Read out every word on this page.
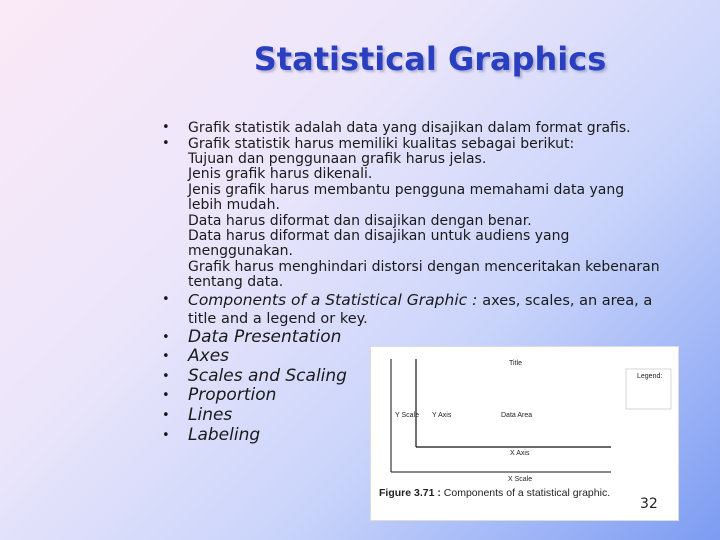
Statistical Graphics
• Grafik statistik adalah data yang disajikan dalam format grafis.
• Grafik statistik harus memiliki kualitas sebagai berikut:
Tujuan dan penggunaan grafik harus jelas.
Jenis grafik harus dikenali.
Jenis grafik harus membantu pengguna memahami data yang lebih mudah.
Data harus diformat dan disajikan dengan benar.
Data harus diformat dan disajikan untuk audiens yang menggunakan.
Grafik harus menghindari distorsi dengan menceritakan kebenaran tentang data.
• Components of a Statistical Graphic : axes, scales, an area, a title and a legend or key.
• Data Presentation
• Axes
• Scales and Scaling
• Proportion
• Lines
• Labeling
Title
Legend:
Y Scale Y Axis	Data Area
X Axis
X Scale
Figure 3.71 : Components of a statistical graphic.
32
